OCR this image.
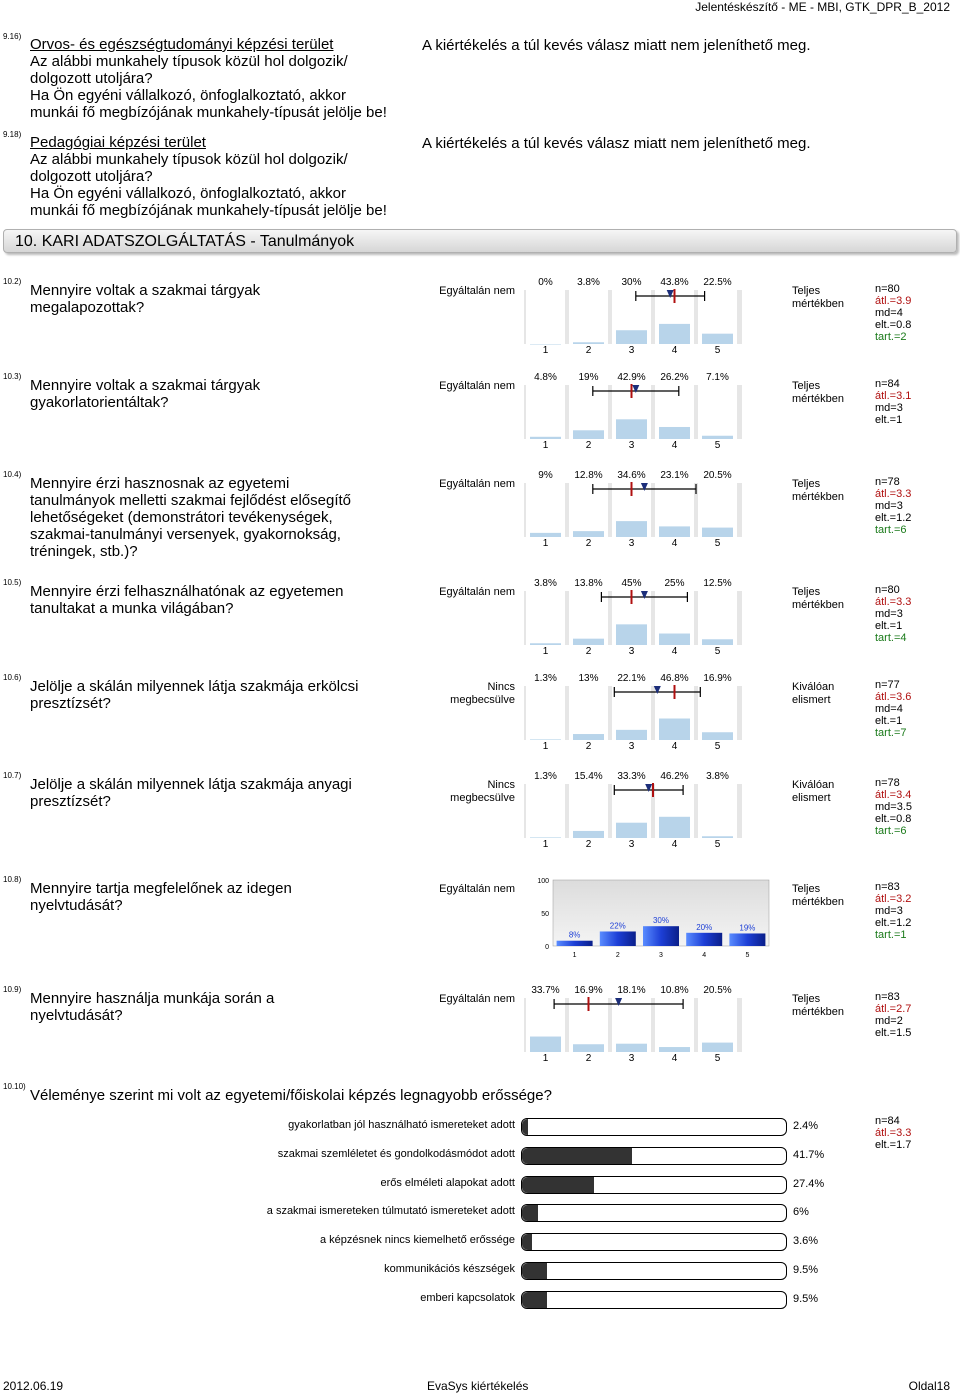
Jelentéskészítő - ME - MBI, GTK_DPR_B_2012
9.16) Orvos- és egészségtudományi képzési terület
Az alábbi munkahely típusok közül hol dolgozik/
dolgozott utoljára?
Ha Ön egyéni vállalkozó, önfoglalkoztató, akkor
munkái fő megbízójának munkahely-típusát jelölje be!
A kiértékelés a túl kevés válasz miatt nem jeleníthető meg.
9.18) Pedagógiai képzési terület
Az alábbi munkahely típusok közül hol dolgozik/
dolgozott utoljára?
Ha Ön egyéni vállalkozó, önfoglalkoztató, akkor
munkái fő megbízójának munkahely-típusát jelölje be!
A kiértékelés a túl kevés válasz miatt nem jeleníthető meg.
10. KARI ADATSZOLGÁLTATÁS - Tanulmányok
10.2)
Mennyire voltak a szakmai tárgyak
megalapozottak?
Egyáltalán nem	Teljes mértékben
0% 3.8% 30% 43.8% 22.5%
1	2	3	4	5
n=80
átl.=3.9
md=4
elt.=0.8
tart.=2
10.3)
Mennyire voltak a szakmai tárgyak
gyakorlatorientáltak?
Egyáltalán nem	Teljes mértékben
4.8% 19% 42.9% 26.2% 7.1%
1	2	3	4	5
n=84
átl.=3.1
md=3
elt.=1
10.4)
Mennyire érzi hasznosnak az egyetemi
tanulmányok melletti szakmai fejlődést elősegítő
lehetőségeket (demonstrátori tevékenységek,
szakmai-tanulmányi versenyek, gyakornokság,
tréningek, stb.)?
Egyáltalán nem	Teljes mértékben
9% 12.8% 34.6% 23.1% 20.5%
1	2	3	4	5
n=78
átl.=3.3
md=3
elt.=1.2
tart.=6
10.5)
Mennyire érzi felhasználhatónak az egyetemen
tanultakat a munka világában?
Egyáltalán nem	Teljes mértékben
3.8% 13.8% 45% 25% 12.5%
1	2	3	4	5
n=80
átl.=3.3
md=3
elt.=1
tart.=4
10.6)
Jelölje a skálán milyennek látja szakmája erkölcsi
presztízsét?
Nincs megbecsülve
Kiválóan elismert
1.3% 13% 22.1% 46.8% 16.9%
1	2	3	4	5
n=77
átl.=3.6
md=4
elt.=1
tart.=7
10.7)
Jelölje a skálán milyennek látja szakmája anyagi
presztízsét?
Nincs megbecsülve
Kiválóan elismert
1.3% 15.4% 33.3% 46.2% 3.8%
1	2	3	4	5
n=78
átl.=3.4
md=3.5
elt.=0.8
tart.=6
10.8)
Mennyire tartja megfelelőnek az idegen
nyelvtudását?
Egyáltalán nem	Teljes mértékben
n=83
átl.=3.2
md=3
elt.=1.2
tart.=1
0
50
100
8%
1
22%
2
30%
3
20%
4
19%
5
10.9)
Mennyire használja munkája során a
nyelvtudását?
Egyáltalán nem	Teljes mértékben
33.7% 16.9% 18.1% 10.8% 20.5%
1	2	3	4	5
n=83
átl.=2.7
md=2
elt.=1.5
10.10)
Véleménye szerint mi volt az egyetemi/főiskolai képzés legnagyobb erőssége?
gyakorlatban jól használható ismereteket adott	2.4%
szakmai szemléletet és gondolkodásmódot adott	41.7%
erős elméleti alapokat adott	27.4%
a szakmai ismereteken túlmutató ismereteket adott	6%
a képzésnek nincs kiemelhető erőssége	3.6%
kommunikációs készségek	9.5%
emberi kapcsolatok	9.5%
n=84
átl.=3.3
elt.=1.7
2012.06.19	EvaSys kiértékelés	Oldal18
